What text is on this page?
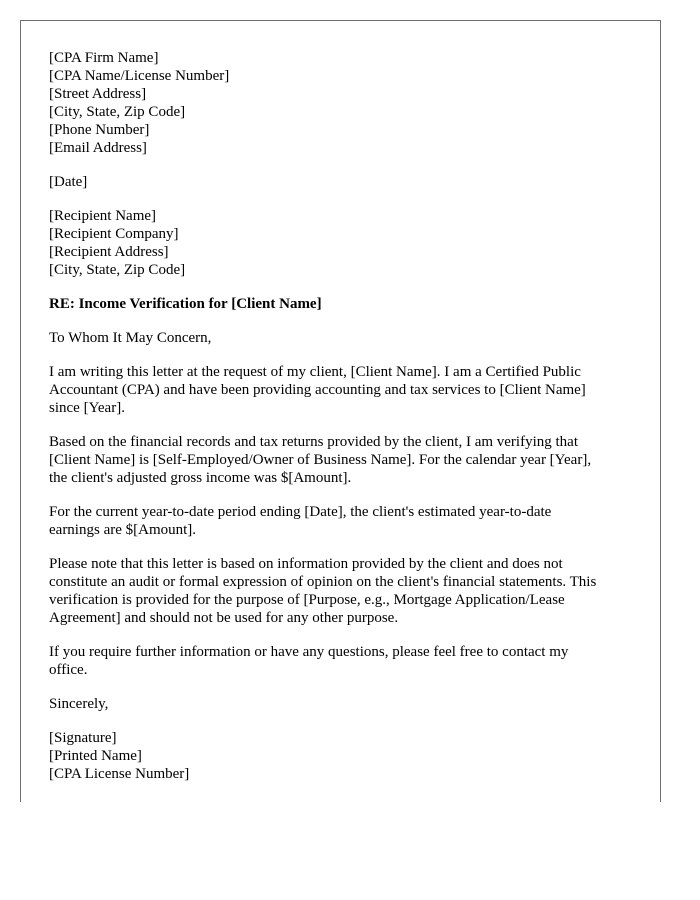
[CPA Firm Name]
[CPA Name/License Number]
[Street Address]
[City, State, Zip Code]
[Phone Number]
[Email Address]
[Date]
[Recipient Name]
[Recipient Company]
[Recipient Address]
[City, State, Zip Code]
RE: Income Verification for [Client Name]
To Whom It May Concern,
I am writing this letter at the request of my client, [Client Name]. I am a Certified Public
Accountant (CPA) and have been providing accounting and tax services to [Client Name]
since [Year].
Based on the financial records and tax returns provided by the client, I am verifying that
[Client Name] is [Self-Employed/Owner of Business Name]. For the calendar year [Year],
the client's adjusted gross income was $[Amount].
For the current year-to-date period ending [Date], the client's estimated year-to-date
earnings are $[Amount].
Please note that this letter is based on information provided by the client and does not
constitute an audit or formal expression of opinion on the client's financial statements. This
verification is provided for the purpose of [Purpose, e.g., Mortgage Application/Lease
Agreement] and should not be used for any other purpose.
If you require further information or have any questions, please feel free to contact my
office.
Sincerely,
[Signature]
[Printed Name]
[CPA License Number]
